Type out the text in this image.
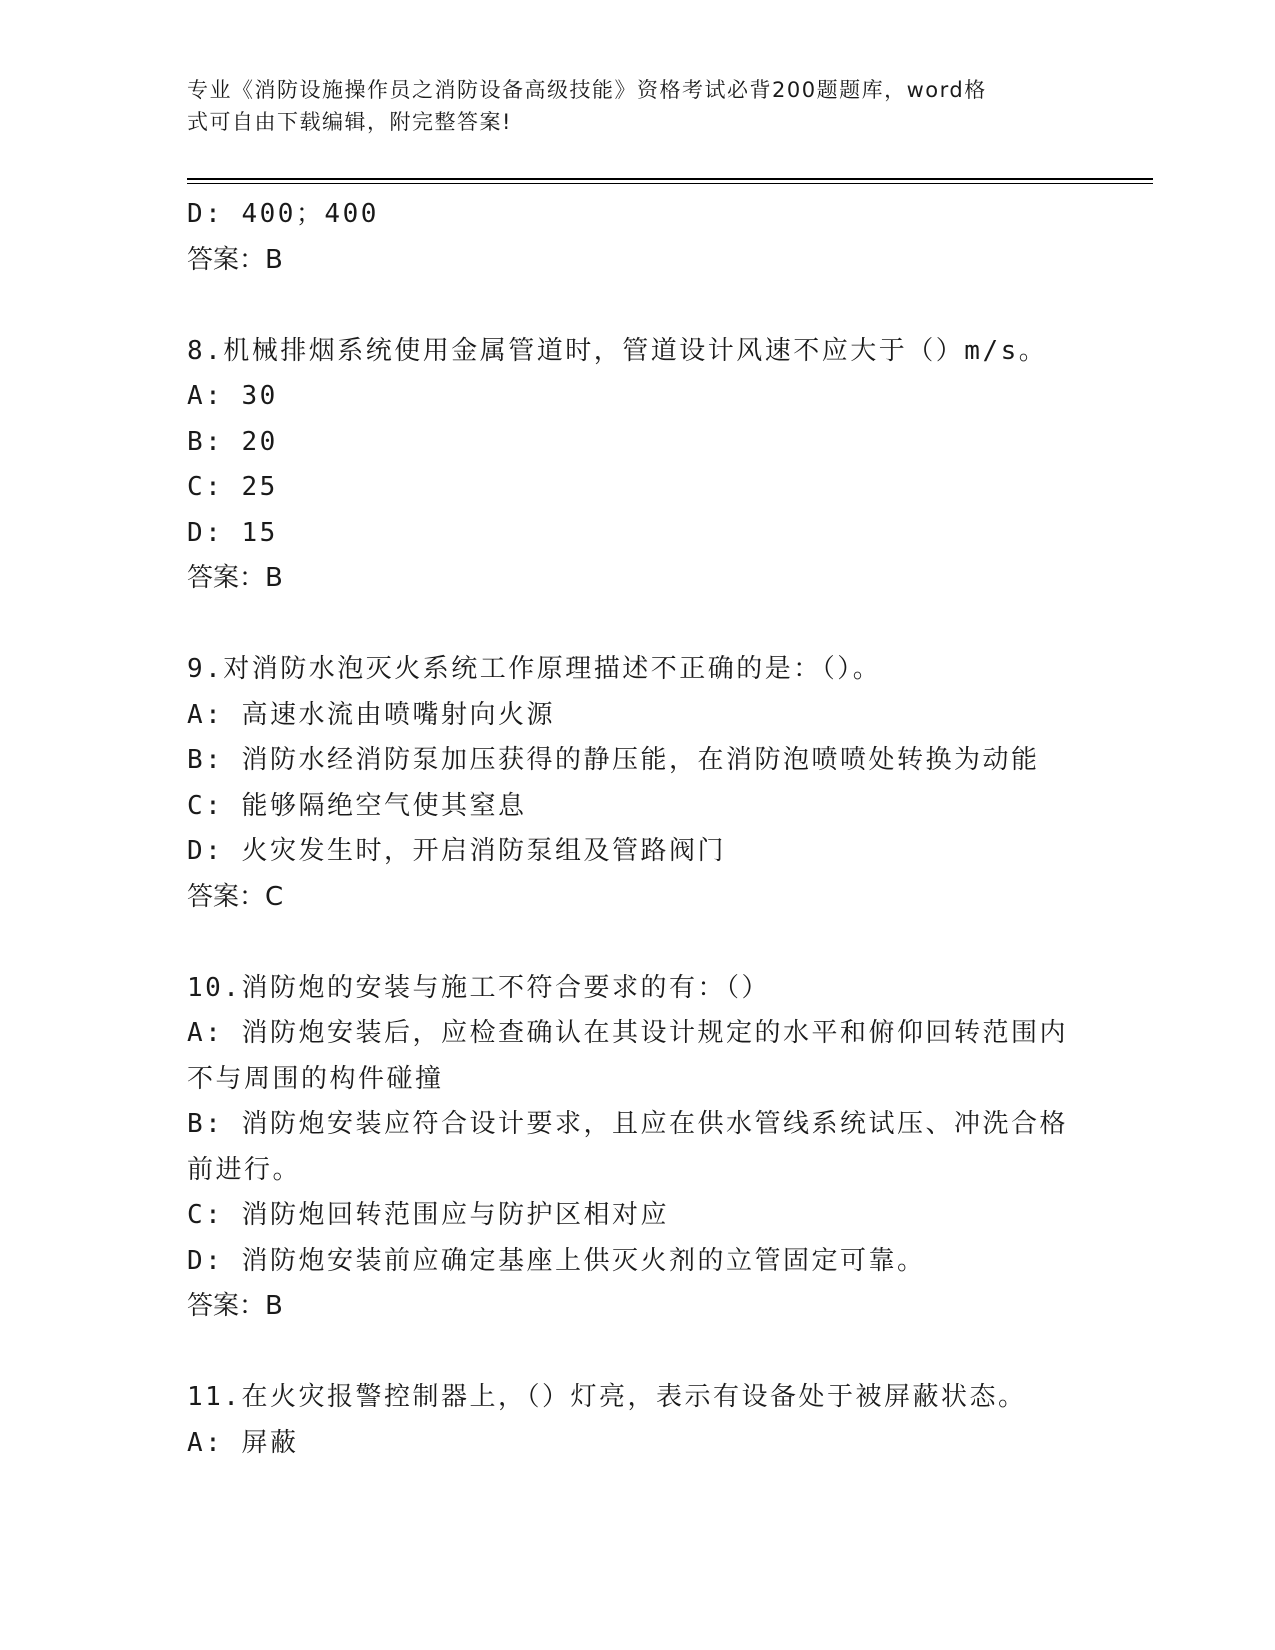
专业《消防设施操作员之消防设备高级技能》资格考试必背200题题库，word格
式可自由下载编辑，附完整答案!
D: 400；400
答案：B
8.机械排烟系统使用金属管道时，管道设计风速不应大于（）m/s。
A: 30
B: 20
C: 25
D: 15
答案：B
9.对消防水泡灭火系统工作原理描述不正确的是：（）。
A: 高速水流由喷嘴射向火源
B: 消防水经消防泵加压获得的静压能，在消防泡喷喷处转换为动能
C: 能够隔绝空气使其窒息
D: 火灾发生时，开启消防泵组及管路阀门
答案：C
10.消防炮的安装与施工不符合要求的有：（）
A: 消防炮安装后，应检查确认在其设计规定的水平和俯仰回转范围内
不与周围的构件碰撞
B: 消防炮安装应符合设计要求，且应在供水管线系统试压、冲洗合格
前进行。
C: 消防炮回转范围应与防护区相对应
D: 消防炮安装前应确定基座上供灭火剂的立管固定可靠。
答案：B
11.在火灾报警控制器上，（）灯亮，表示有设备处于被屏蔽状态。
A: 屏蔽
